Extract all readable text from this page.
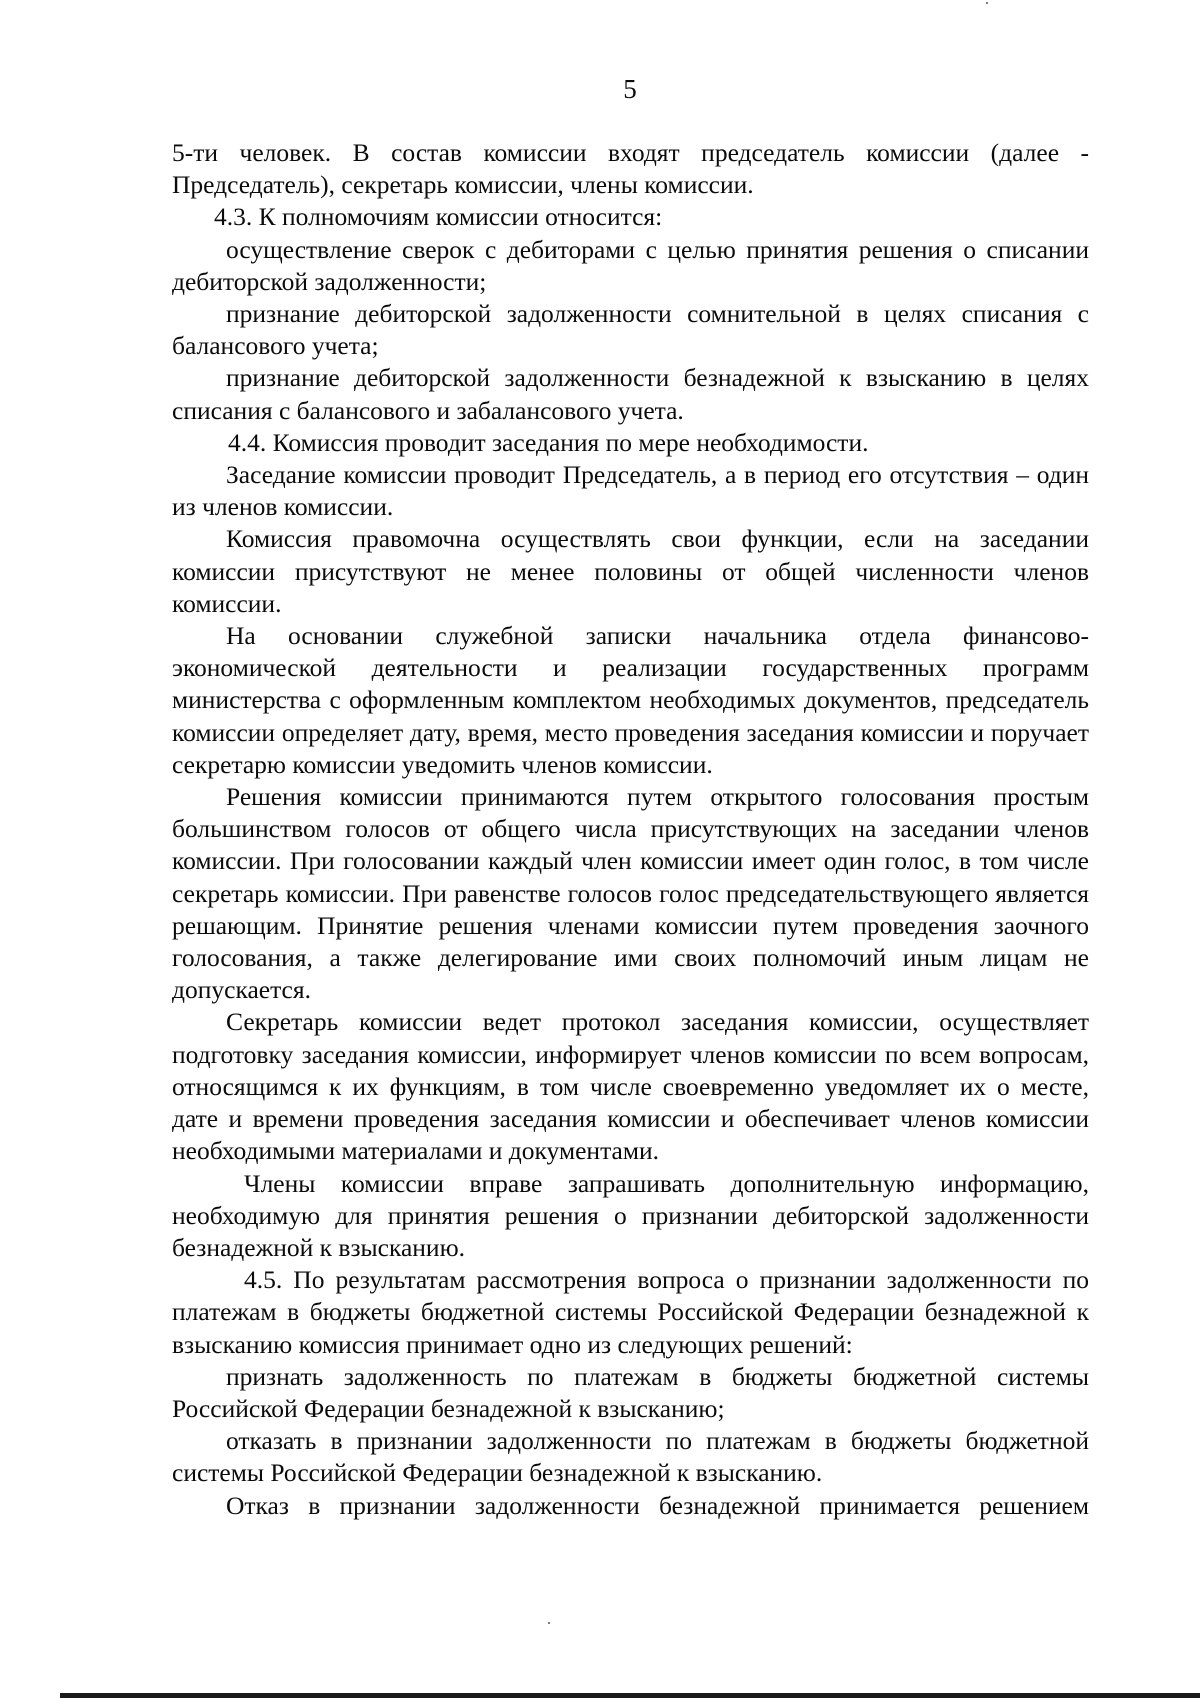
5

5-ти человек. В состав комиссии входят председатель комиссии (далее - Председатель), секретарь комиссии, члены комиссии.

4.3. К полномочиям комиссии относится:

осуществление сверок с дебиторами с целью принятия решения о списании дебиторской задолженности;

признание дебиторской задолженности сомнительной в целях списания с балансового учета;

признание дебиторской задолженности безнадежной к взысканию в целях списания с балансового и забалансового учета.

4.4. Комиссия проводит заседания по мере необходимости.

Заседание комиссии проводит Председатель, а в период его отсутствия – один из членов комиссии.

Комиссия правомочна осуществлять свои функции, если на заседании комиссии присутствуют не менее половины от общей численности членов комиссии.

На основании служебной записки начальника отдела финансово-экономической деятельности и реализации государственных программ министерства с оформленным комплектом необходимых документов, председатель комиссии определяет дату, время, место проведения заседания комиссии и поручает секретарю комиссии уведомить членов комиссии.

Решения комиссии принимаются путем открытого голосования простым большинством голосов от общего числа присутствующих на заседании членов комиссии. При голосовании каждый член комиссии имеет один голос, в том числе секретарь комиссии. При равенстве голосов голос председательствующего является решающим. Принятие решения членами комиссии путем проведения заочного голосования, а также делегирование ими своих полномочий иным лицам не допускается.

Секретарь комиссии ведет протокол заседания комиссии, осуществляет подготовку заседания комиссии, информирует членов комиссии по всем вопросам, относящимся к их функциям, в том числе своевременно уведомляет их о месте, дате и времени проведения заседания комиссии и обеспечивает членов комиссии необходимыми материалами и документами.

Члены комиссии вправе запрашивать дополнительную информацию, необходимую для принятия решения о признании дебиторской задолженности безнадежной к взысканию.

4.5. По результатам рассмотрения вопроса о признании задолженности по платежам в бюджеты бюджетной системы Российской Федерации безнадежной к взысканию комиссия принимает одно из следующих решений:

признать задолженность по платежам в бюджеты бюджетной системы Российской Федерации безнадежной к взысканию;

отказать в признании задолженности по платежам в бюджеты бюджетной системы Российской Федерации безнадежной к взысканию.

Отказ в признании задолженности безнадежной принимается решением
